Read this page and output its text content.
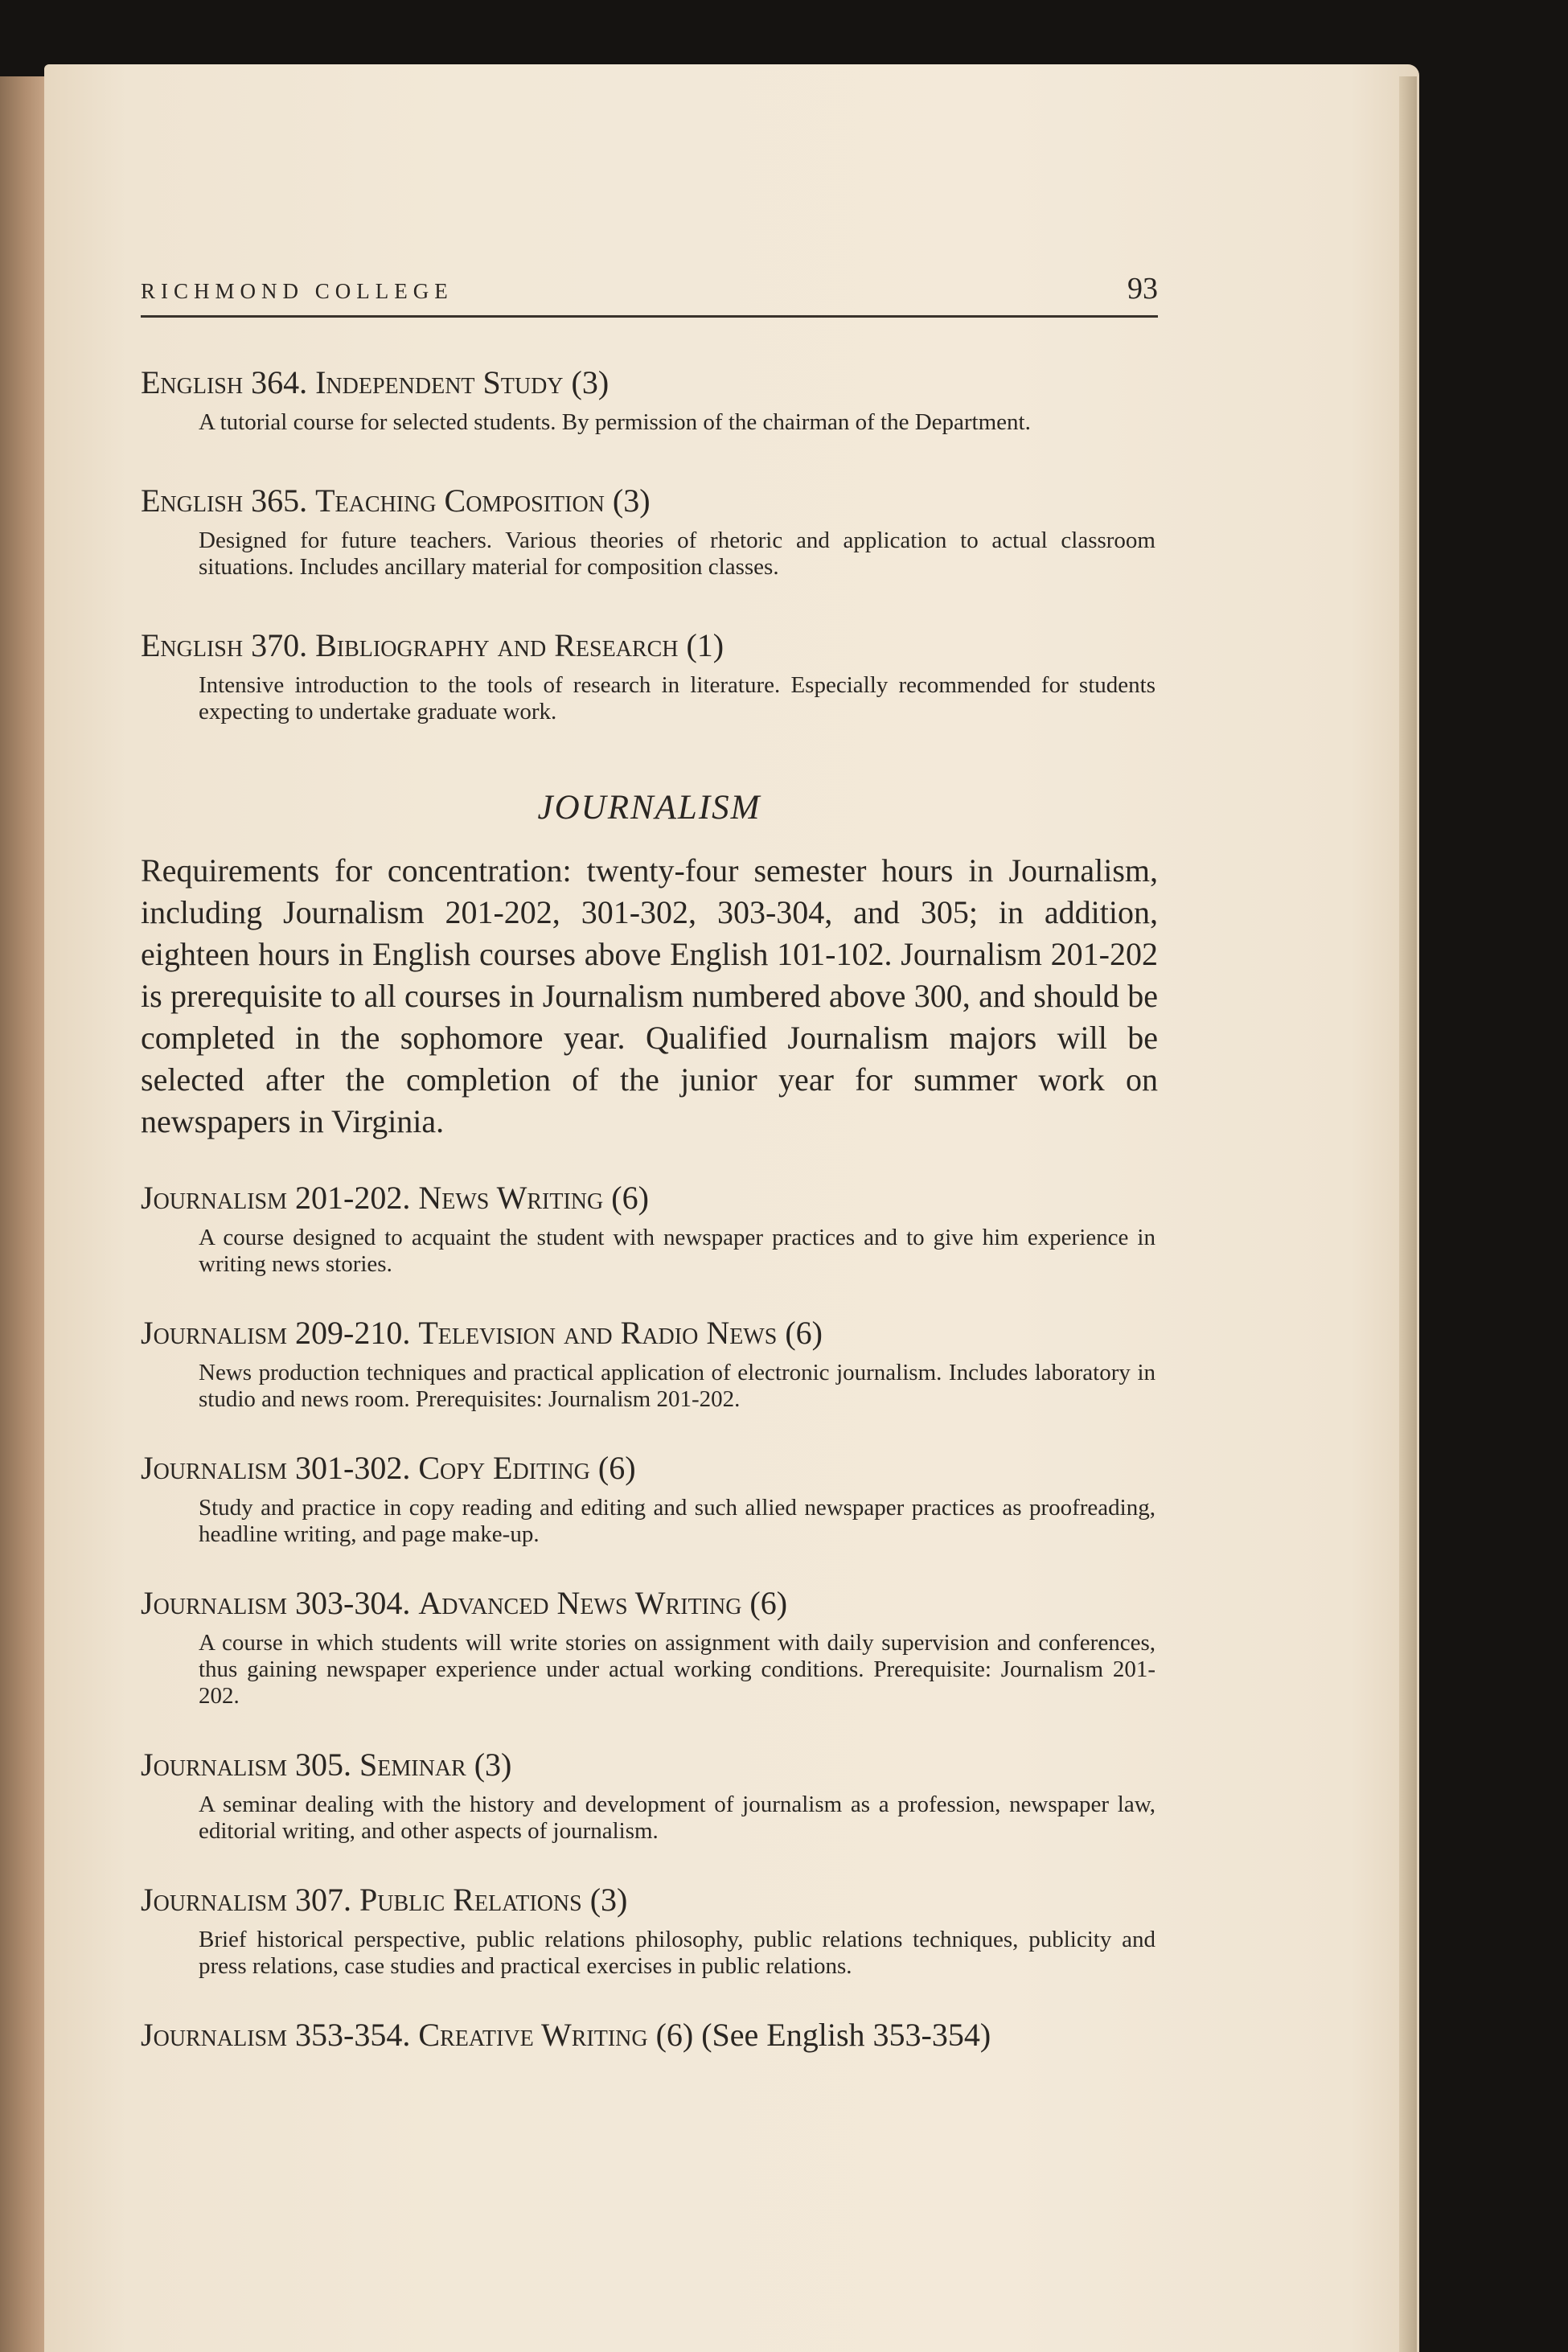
RICHMOND COLLEGE	93
English 364. Independent Study (3)
A tutorial course for selected students. By permission of the chairman of the Department.
English 365. Teaching Composition (3)
Designed for future teachers. Various theories of rhetoric and application to actual classroom situations. Includes ancillary material for composition classes.
English 370. Bibliography and Research (1)
Intensive introduction to the tools of research in literature. Especially recommended for students expecting to undertake graduate work.
JOURNALISM
Requirements for concentration: twenty-four semester hours in Journalism, including Journalism 201-202, 301-302, 303-304, and 305; in addition, eighteen hours in English courses above English 101-102. Journalism 201-202 is prerequisite to all courses in Journalism numbered above 300, and should be completed in the sophomore year. Qualified Journalism majors will be selected after the completion of the junior year for summer work on newspapers in Virginia.
Journalism 201-202. News Writing (6)
A course designed to acquaint the student with newspaper practices and to give him experience in writing news stories.
Journalism 209-210. Television and Radio News (6)
News production techniques and practical application of electronic journalism. Includes laboratory in studio and news room. Prerequisites: Journalism 201-202.
Journalism 301-302. Copy Editing (6)
Study and practice in copy reading and editing and such allied newspaper practices as proofreading, headline writing, and page make-up.
Journalism 303-304. Advanced News Writing (6)
A course in which students will write stories on assignment with daily supervision and conferences, thus gaining newspaper experience under actual working conditions. Prerequisite: Journalism 201-202.
Journalism 305. Seminar (3)
A seminar dealing with the history and development of journalism as a profession, newspaper law, editorial writing, and other aspects of journalism.
Journalism 307. Public Relations (3)
Brief historical perspective, public relations philosophy, public relations techniques, publicity and press relations, case studies and practical exercises in public relations.
Journalism 353-354. Creative Writing (6) (See English 353-354)
